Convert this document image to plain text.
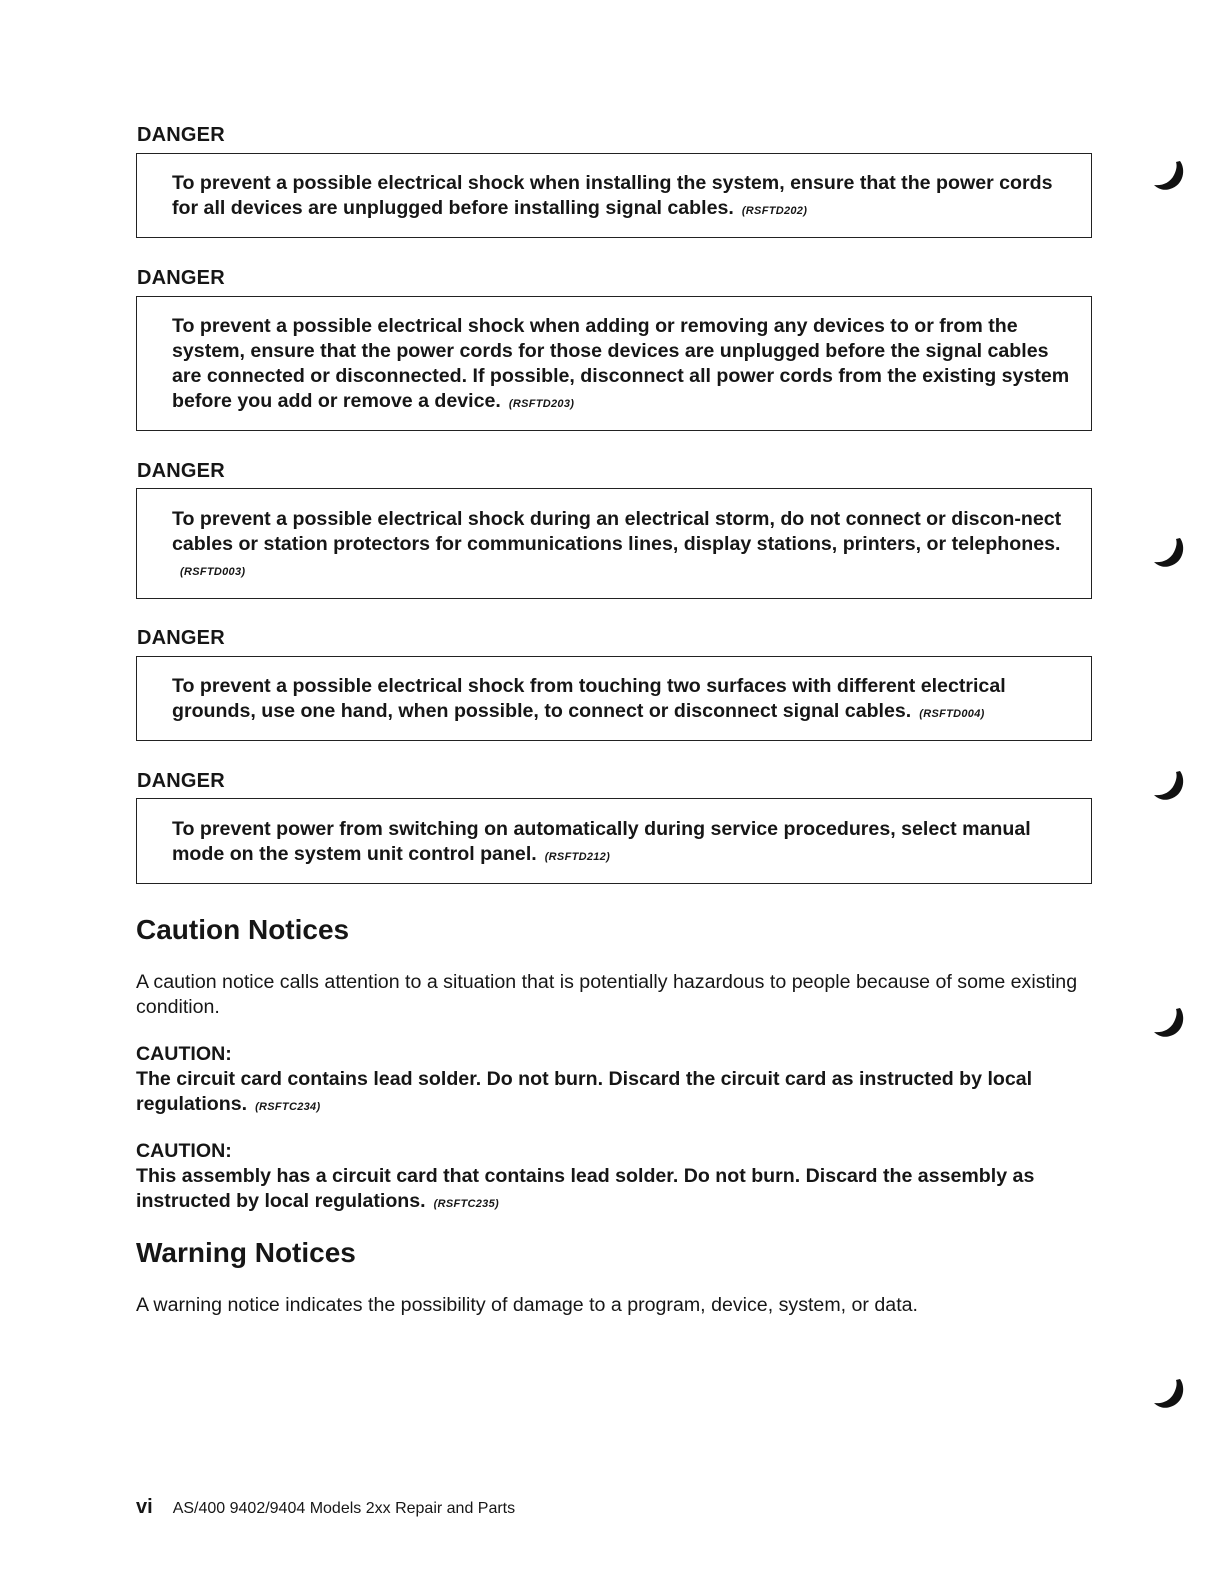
DANGER
To prevent a possible electrical shock when installing the system, ensure that the power cords for all devices are unplugged before installing signal cables. (RSFTD202)
DANGER
To prevent a possible electrical shock when adding or removing any devices to or from the system, ensure that the power cords for those devices are unplugged before the signal cables are connected or disconnected. If possible, disconnect all power cords from the existing system before you add or remove a device. (RSFTD203)
DANGER
To prevent a possible electrical shock during an electrical storm, do not connect or discon-nect cables or station protectors for communications lines, display stations, printers, or telephones.(RSFTD003)
DANGER
To prevent a possible electrical shock from touching two surfaces with different electrical grounds, use one hand, when possible, to connect or disconnect signal cables. (RSFTD004)
DANGER
To prevent power from switching on automatically during service procedures, select manual mode on the system unit control panel. (RSFTD212)
Caution Notices

A caution notice calls attention to a situation that is potentially hazardous to people because of some existing condition.

CAUTION:
The circuit card contains lead solder. Do not burn. Discard the circuit card as instructed by local regulations. (RSFTC234)
CAUTION:
This assembly has a circuit card that contains lead solder. Do not burn. Discard the assembly as instructed by local regulations. (RSFTC235)
Warning Notices

A warning notice indicates the possibility of damage to a program, device, system, or data.

vi AS/400 9402/9404 Models 2xx Repair and Parts
